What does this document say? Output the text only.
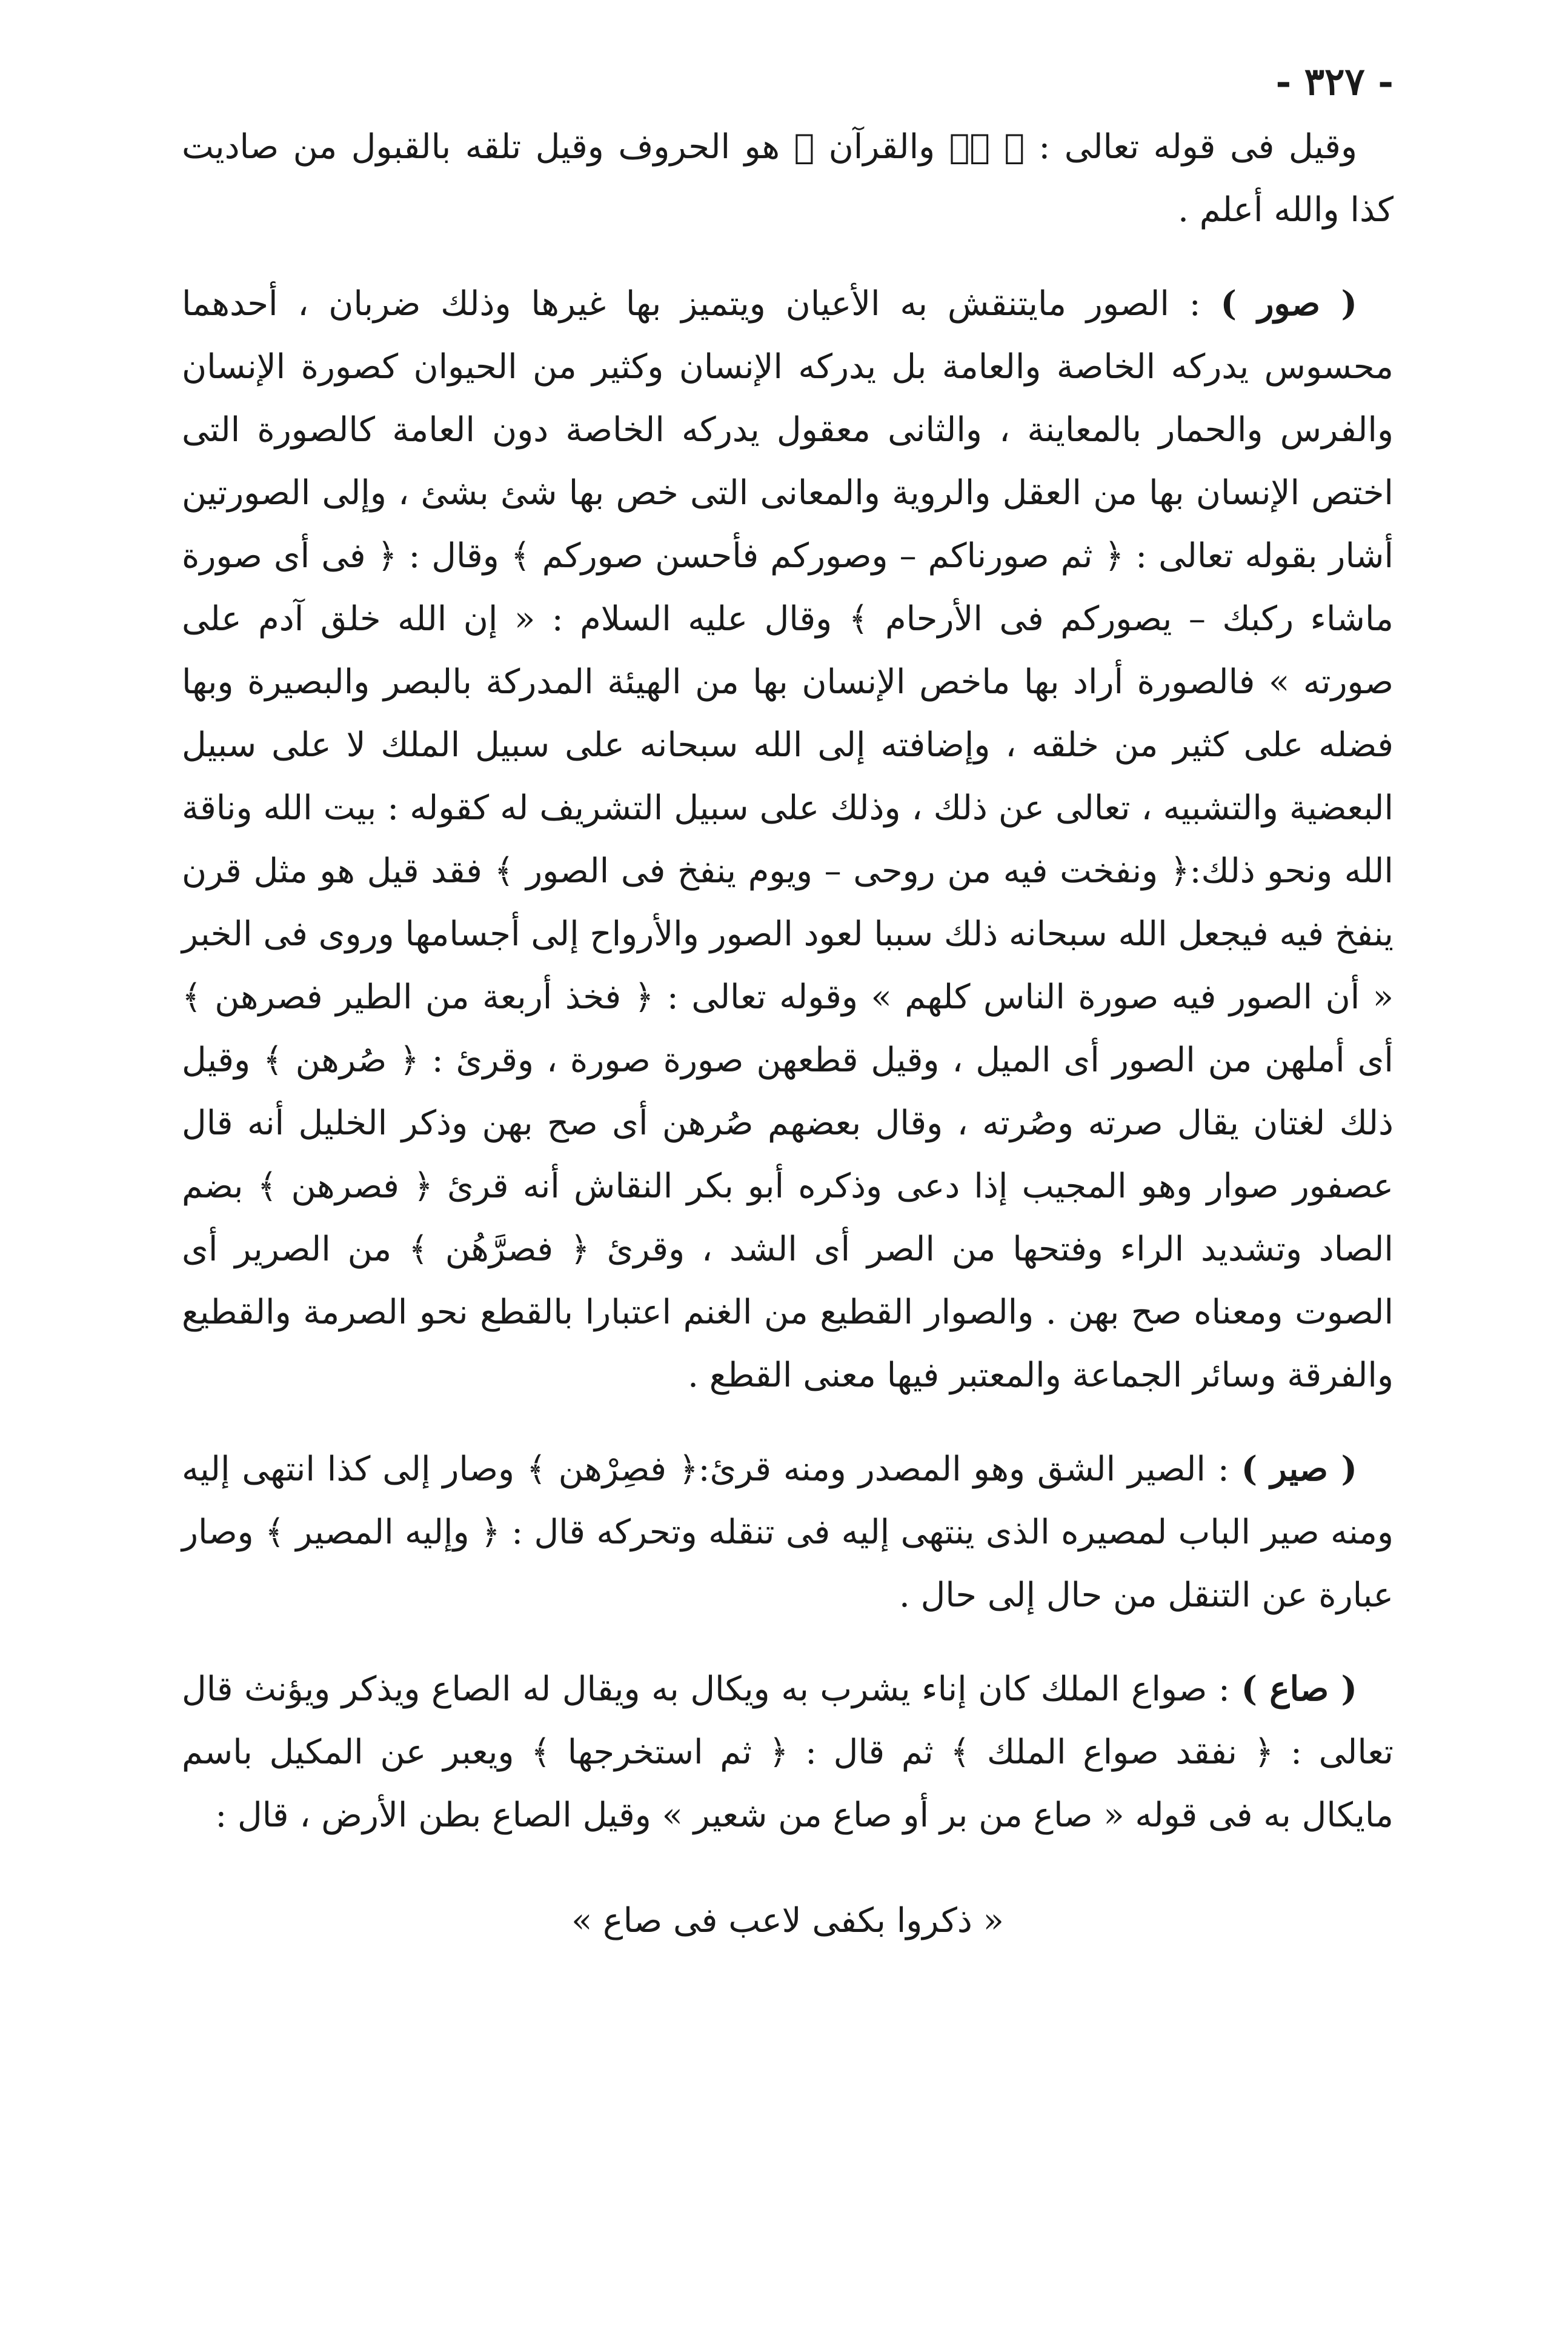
- ٣٢٧ -

وقيل فى قوله تعالى : ﴿ صۤ والقرآن ﴾ هو الحروف وقيل تلقه بالقبول من صاديت كذا والله أعلم .

( صور ) : الصور مايتنقش به الأعيان ويتميز بها غيرها وذلك ضربان ، أحدهما محسوس يدركه الخاصة والعامة بل يدركه الإنسان وكثير من الحيوان كصورة الإنسان والفرس والحمار بالمعاينة ، والثانى معقول يدركه الخاصة دون العامة كالصورة التى اختص الإنسان بها من العقل والروية والمعانى التى خص بها شئ بشئ ، وإلى الصورتين أشار بقوله تعالى : ﴿ ثم صورناكم – وصوركم فأحسن صوركم ﴾ وقال : ﴿ فى أى صورة ماشاء ركبك – يصوركم فى الأرحام ﴾ وقال عليه السلام : « إن الله خلق آدم على صورته » فالصورة أراد بها ماخص الإنسان بها من الهيئة المدركة بالبصر والبصيرة وبها فضله على كثير من خلقه ، وإضافته إلى الله سبحانه على سبيل الملك لا على سبيل البعضية والتشبيه ، تعالى عن ذلك ، وذلك على سبيل التشريف له كقوله : بيت الله وناقة الله ونحو ذلك:﴿ ونفخت فيه من روحى – ويوم ينفخ فى الصور ﴾ فقد قيل هو مثل قرن ينفخ فيه فيجعل الله سبحانه ذلك سببا لعود الصور والأرواح إلى أجسامها وروى فى الخبر « أن الصور فيه صورة الناس كلهم » وقوله تعالى : ﴿ فخذ أربعة من الطير فصرهن ﴾ أى أملهن من الصور أى الميل ، وقيل قطعهن صورة صورة ، وقرئ : ﴿ صُرهن ﴾ وقيل ذلك لغتان يقال صرته وصُرته ، وقال بعضهم صُرهن أى صح بهن وذكر الخليل أنه قال عصفور صوار وهو المجيب إذا دعى وذكره أبو بكر النقاش أنه قرئ ﴿ فصرهن ﴾ بضم الصاد وتشديد الراء وفتحها من الصر أى الشد ، وقرئ ﴿ فصرَّهُن ﴾ من الصرير أى الصوت ومعناه صح بهن . والصوار القطيع من الغنم اعتبارا بالقطع نحو الصرمة والقطيع والفرقة وسائر الجماعة والمعتبر فيها معنى القطع .

( صير ) : الصير الشق وهو المصدر ومنه قرئ:﴿ فصِرْهن ﴾ وصار إلى كذا انتهى إليه ومنه صير الباب لمصيره الذى ينتهى إليه فى تنقله وتحركه قال : ﴿ وإليه المصير ﴾ وصار عبارة عن التنقل من حال إلى حال .

( صاع ) : صواع الملك كان إناء يشرب به ويكال به ويقال له الصاع ويذكر ويؤنث قال تعالى : ﴿ نفقد صواع الملك ﴾ ثم قال : ﴿ ثم استخرجها ﴾ ويعبر عن المكيل باسم مايكال به فى قوله « صاع من بر أو صاع من شعير » وقيل الصاع بطن الأرض ، قال :

« ذكروا بكفى لاعب فى صاع »
